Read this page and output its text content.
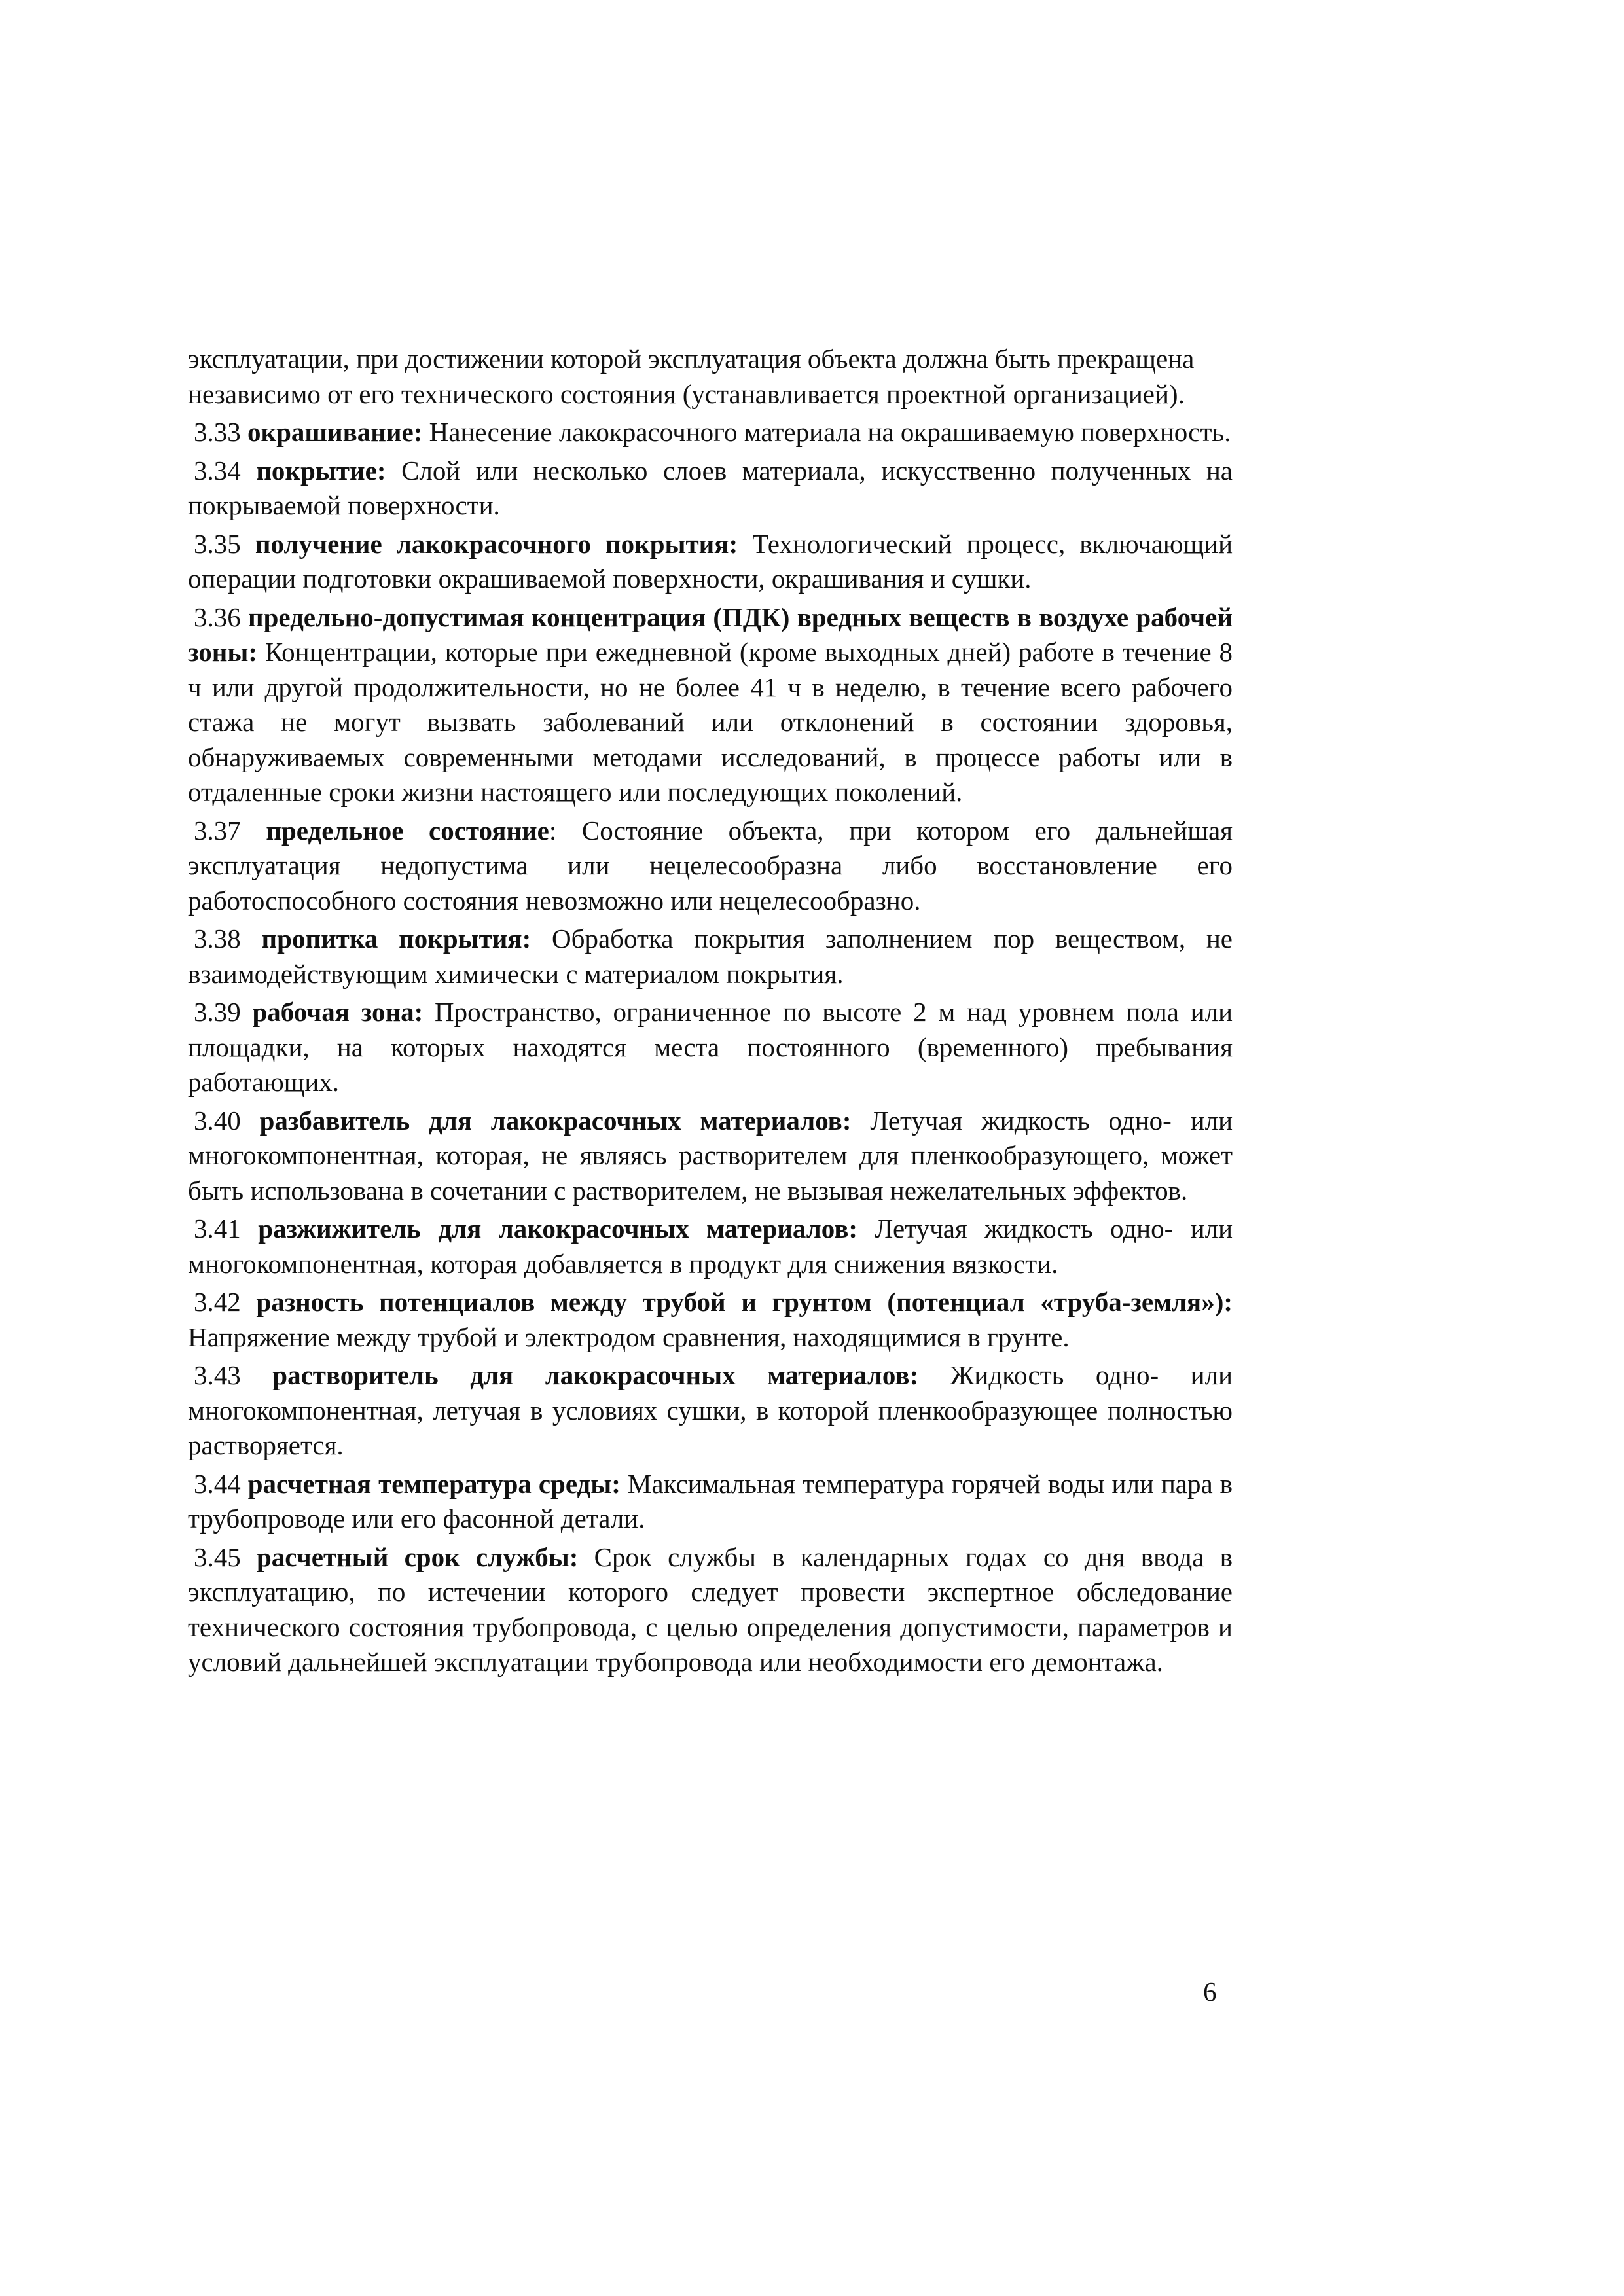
эксплуатации, при достижении которой эксплуатация объекта должна быть прекращена независимо от его технического состояния (устанавливается проектной организацией).

3.33 окрашивание: Нанесение лакокрасочного материала на окрашиваемую поверхность.

3.34 покрытие: Слой или несколько слоев материала, искусственно полученных на покрываемой поверхности.

3.35 получение лакокрасочного покрытия: Технологический процесс, включающий операции подготовки окрашиваемой поверхности, окрашивания и сушки.

3.36 предельно-допустимая концентрация (ПДК) вредных веществ в воздухе рабочей зоны: Концентрации, которые при ежедневной (кроме выходных дней) работе в течение 8 ч или другой продолжительности, но не более 41 ч в неделю, в течение всего рабочего стажа не могут вызвать заболеваний или отклонений в состоянии здоровья, обнаруживаемых современными методами исследований, в процессе работы или в отдаленные сроки жизни настоящего или последующих поколений.

3.37 предельное состояние: Состояние объекта, при котором его дальнейшая эксплуатация недопустима или нецелесообразна либо восстановление его работоспособного состояния невозможно или нецелесообразно.

3.38 пропитка покрытия: Обработка покрытия заполнением пор веществом, не взаимодействующим химически с материалом покрытия.

3.39 рабочая зона: Пространство, ограниченное по высоте 2 м над уровнем пола или площадки, на которых находятся места постоянного (временного) пребывания работающих.

3.40 разбавитель для лакокрасочных материалов: Летучая жидкость одно- или многокомпонентная, которая, не являясь растворителем для пленкообразующего, может быть использована в сочетании с растворителем, не вызывая нежелательных эффектов.

3.41 разжижитель для лакокрасочных материалов: Летучая жидкость одно- или многокомпонентная, которая добавляется в продукт для снижения вязкости.

3.42 разность потенциалов между трубой и грунтом (потенциал «труба-земля»): Напряжение между трубой и электродом сравнения, находящимися в грунте.

3.43 растворитель для лакокрасочных материалов: Жидкость одно- или многокомпонентная, летучая в условиях сушки, в которой пленкообразующее полностью растворяется.

3.44 расчетная температура среды: Максимальная температура горячей воды или пара в трубопроводе или его фасонной детали.

3.45 расчетный срок службы: Срок службы в календарных годах со дня ввода в эксплуатацию, по истечении которого следует провести экспертное обследование технического состояния трубопровода, с целью определения допустимости, параметров и условий дальнейшей эксплуатации трубопровода или необходимости его демонтажа.

6
